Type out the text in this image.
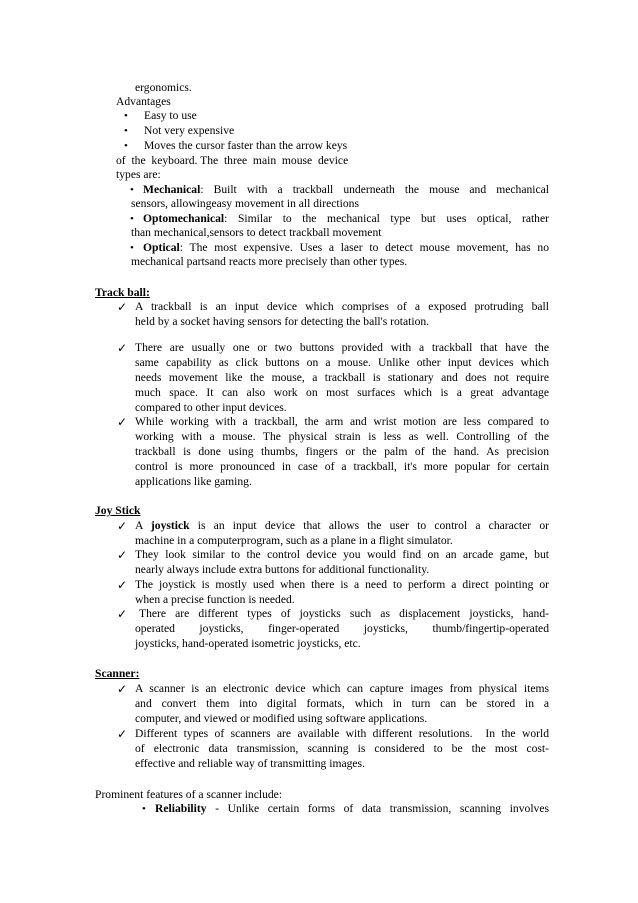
ergonomics.
Advantages
• Easy to use
• Not very expensive
• Moves the cursor faster than the arrow keys
of  the  keyboard. The  three  main  mouse  device
types are:
• Mechanical: Built with a trackball underneath the mouse and mechanical
sensors, allowingeasy movement in all directions
• Optomechanical: Similar to the mechanical type but uses optical, rather
than mechanical,sensors to detect trackball movement
• Optical: The most expensive. Uses a laser to detect mouse movement, has no
mechanical partsand reacts more precisely than other types.
Track ball:
✓ A trackball is an input device which comprises of a exposed protruding ball
held by a socket having sensors for detecting the ball's rotation.
✓ There are usually one or two buttons provided with a trackball that have the
same capability as click buttons on a mouse. Unlike other input devices which
needs movement like the mouse, a trackball is stationary and does not require
much space. It can also work on most surfaces which is a great advantage
compared to other input devices.
✓ While working with a trackball, the arm and wrist motion are less compared to
working with a mouse. The physical strain is less as well. Controlling of the
trackball is done using thumbs, fingers or the palm of the hand. As precision
control is more pronounced in case of a trackball, it's more popular for certain
applications like gaming.
Joy Stick
✓ A joystick is an input device that allows the user to control a character or
machine in a computerprogram, such as a plane in a flight simulator.
✓ They look similar to the control device you would find on an arcade game, but
nearly always include extra buttons for additional functionality.
✓ The joystick is mostly used when there is a need to perform a direct pointing or
when a precise function is needed.
✓ There are different types of joysticks such as displacement joysticks, hand-
operated   joysticks,   finger-operated   joysticks,   thumb/fingertip-operated
joysticks, hand-operated isometric joysticks, etc.
Scanner:
✓ A scanner is an electronic device which can capture images from physical items
and convert them into digital formats, which in turn can be stored in a
computer, and viewed or modified using software applications.
✓ Different types of scanners are available with different resolutions.  In the world
of electronic data transmission, scanning is considered to be the most cost-
effective and reliable way of transmitting images.
Prominent features of a scanner include:
• Reliability - Unlike certain forms of data transmission, scanning involves
